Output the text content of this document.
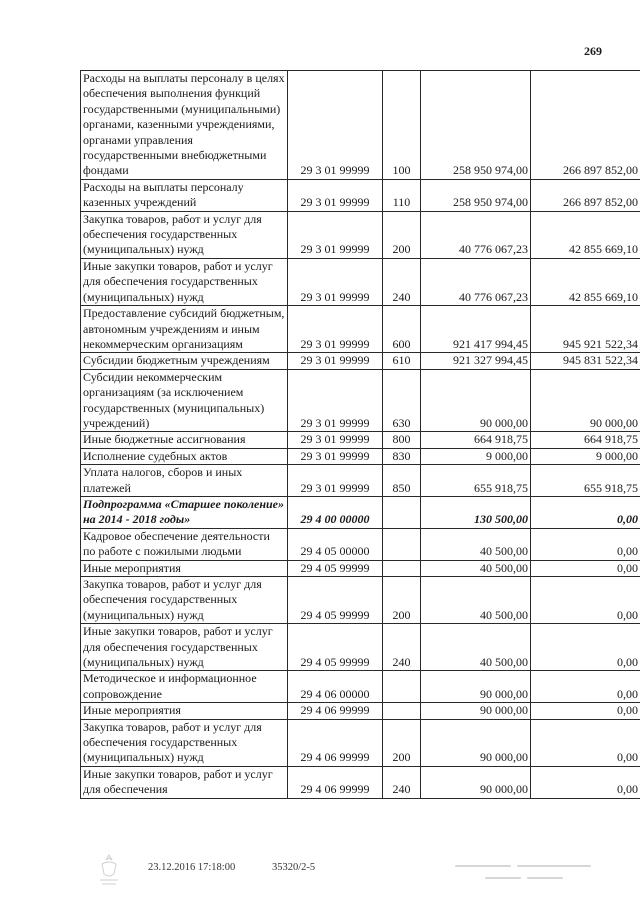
269
Расходы на выплаты персоналу в целях обеспечения выполнения функций государственными (муниципальными) органами, казенными учреждениями, органами управления государственными внебюджетными фондами	29 3 01 99999	100	258 950 974,00	266 897 852,00
Расходы на выплаты персоналу казенных учреждений	29 3 01 99999	110	258 950 974,00	266 897 852,00
Закупка товаров, работ и услуг для обеспечения государственных (муниципальных) нужд	29 3 01 99999	200	40 776 067,23	42 855 669,10
Иные закупки товаров, работ и услуг для обеспечения государственных (муниципальных) нужд	29 3 01 99999	240	40 776 067,23	42 855 669,10
Предоставление субсидий бюджетным, автономным учреждениям и иным некоммерческим организациям	29 3 01 99999	600	921 417 994,45	945 921 522,34
Субсидии бюджетным учреждениям	29 3 01 99999	610	921 327 994,45	945 831 522,34
Субсидии некоммерческим организациям (за исключением государственных (муниципальных) учреждений)	29 3 01 99999	630	90 000,00	90 000,00
Иные бюджетные ассигнования	29 3 01 99999	800	664 918,75	664 918,75
Исполнение судебных актов	29 3 01 99999	830	9 000,00	9 000,00
Уплата налогов, сборов и иных платежей	29 3 01 99999	850	655 918,75	655 918,75
Подпрограмма «Старшее поколение» на 2014 - 2018 годы»	29 4 00 00000		130 500,00	0,00
Кадровое обеспечение деятельности по работе с пожилыми людьми	29 4 05 00000		40 500,00	0,00
Иные мероприятия	29 4 05 99999		40 500,00	0,00
Закупка товаров, работ и услуг для обеспечения государственных (муниципальных) нужд	29 4 05 99999	200	40 500,00	0,00
Иные закупки товаров, работ и услуг для обеспечения государственных (муниципальных) нужд	29 4 05 99999	240	40 500,00	0,00
Методическое и информационное сопровождение	29 4 06 00000		90 000,00	0,00
Иные мероприятия	29 4 06 99999		90 000,00	0,00
Закупка товаров, работ и услуг для обеспечения государственных (муниципальных) нужд	29 4 06 99999	200	90 000,00	0,00
Иные закупки товаров, работ и услуг для обеспечения	29 4 06 99999	240	90 000,00	0,00
23.12.2016 17:18:00	35320/2-5
